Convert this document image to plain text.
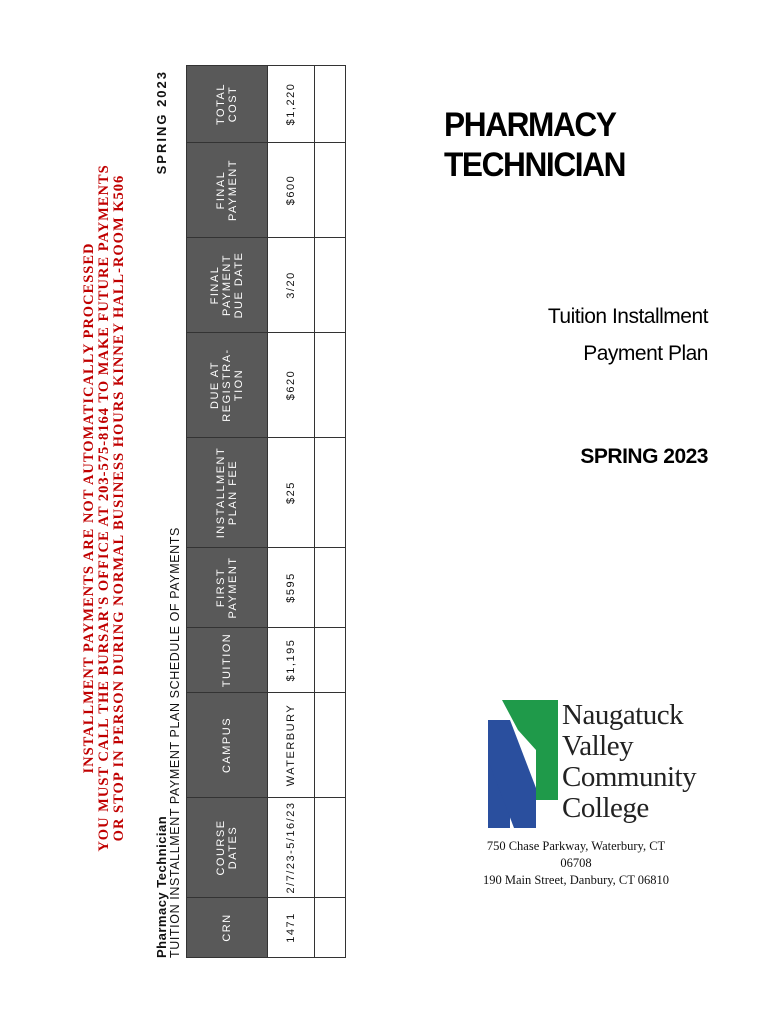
INSTALLMENT PAYMENTS ARE NOT AUTOMATICALLY PROCESSED YOU MUST CALL THE BURSAR'S OFFICE AT 203-575-8164 TO MAKE FUTURE PAYMENTS OR STOP IN PERSON DURING NORMAL BUSINESS HOURS KINNEY HALL-ROOM K506
Pharmacy Technician TUITION INSTALLMENT PAYMENT PLAN SCHEDULE OF PAYMENTS
SPRING 2023
CRN	COURSE DATES	CAMPUS	TUITION	FIRST PAYMENT	INSTALLMENT PLAN FEE	DUE AT REGISTRA-TION	FINAL PAYMENT DUE DATE	FINAL PAYMENT	TOTAL COST
1471	2/7/23-5/16/23	WATERBURY	$1,195	$595	$25	$620	3/20	$600	$1,220
										PHARMACY
TECHNICIAN
Tuition Installment
Payment Plan
SPRING 2023
Naugatuck
Valley
Community
College
750 Chase Parkway, Waterbury, CT 06708
190 Main Street, Danbury, CT 06810
